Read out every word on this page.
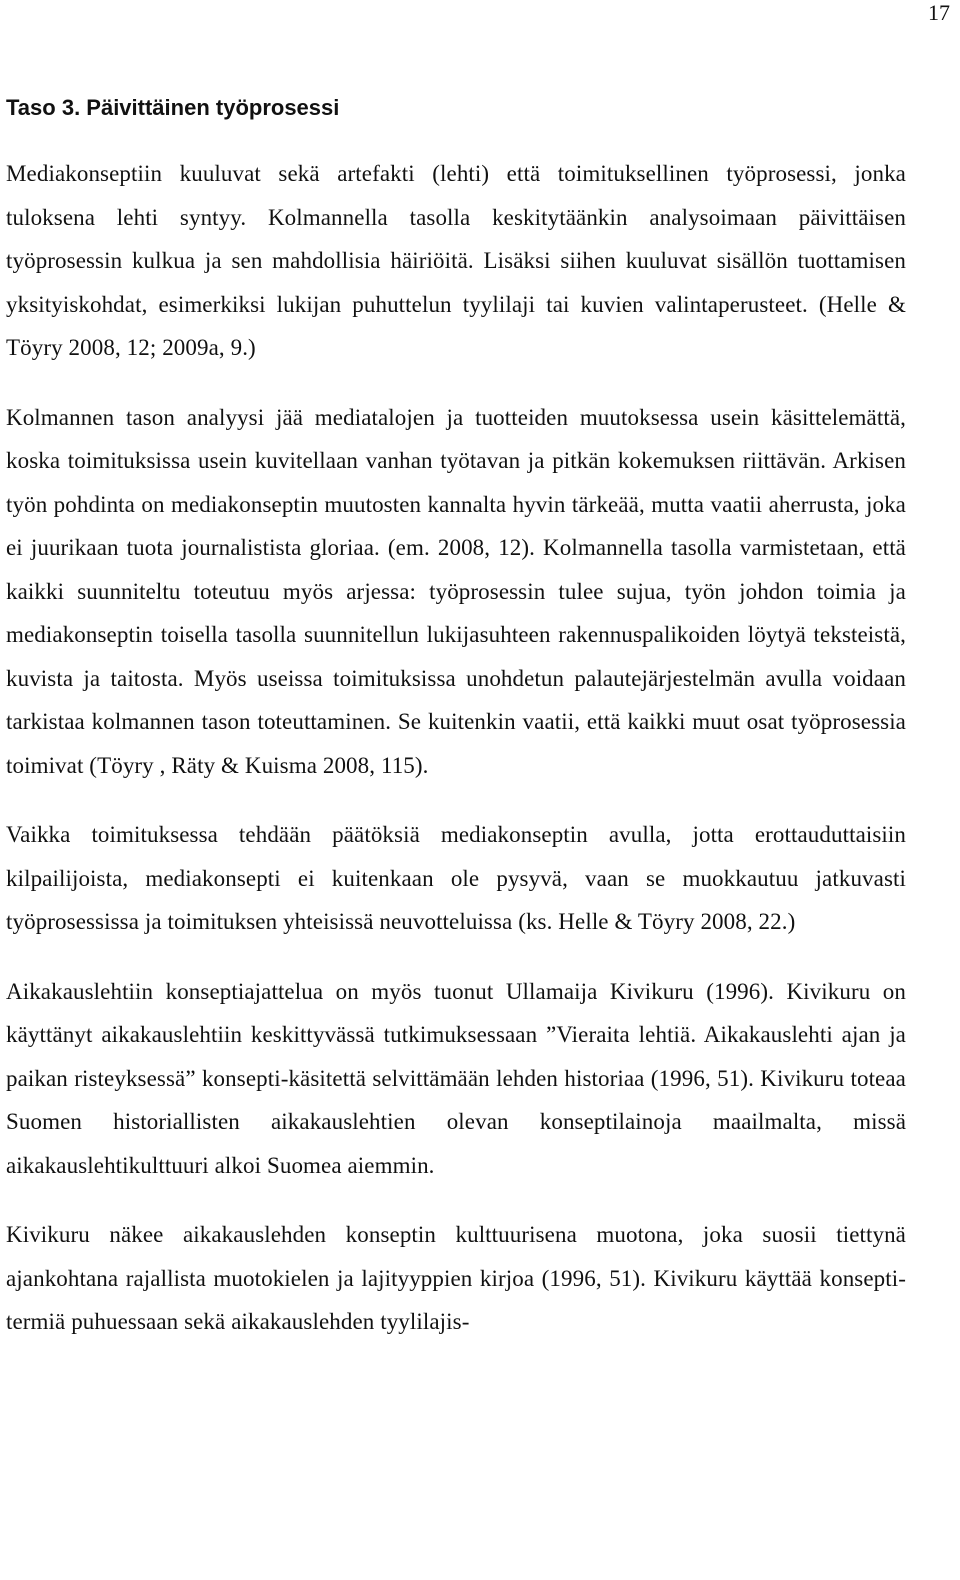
17
Taso 3. Päivittäinen työprosessi

Mediakonseptiin kuuluvat sekä artefakti (lehti) että toimituksellinen työprosessi, jonka tuloksena lehti syntyy. Kolmannella tasolla keskitytäänkin analysoimaan päivittäisen työprosessin kulkua ja sen mahdollisia häiriöitä. Lisäksi siihen kuuluvat sisällön tuottamisen yksityiskohdat, esimerkiksi lukijan puhuttelun tyylilaji tai kuvien valintaperusteet. (Helle & Töyry 2008, 12; 2009a, 9.)

Kolmannen tason analyysi jää mediatalojen ja tuotteiden muutoksessa usein käsittelemättä, koska toimituksissa usein kuvitellaan vanhan työtavan ja pitkän kokemuksen riittävän. Arkisen työn pohdinta on mediakonseptin muutosten kannalta hyvin tärkeää, mutta vaatii aherrusta, joka ei juurikaan tuota journalistista gloriaa. (em. 2008, 12). Kolmannella tasolla varmistetaan, että kaikki suunniteltu toteutuu myös arjessa: työprosessin tulee sujua, työn johdon toimia ja mediakonseptin toisella tasolla suunnitellun lukijasuhteen rakennuspalikoiden löytyä teksteistä, kuvista ja taitosta. Myös useissa toimituksissa unohdetun palautejärjestelmän avulla voidaan tarkistaa kolmannen tason toteuttaminen. Se kuitenkin vaatii, että kaikki muut osat työprosessia toimivat (Töyry , Räty & Kuisma 2008, 115).

Vaikka toimituksessa tehdään päätöksiä mediakonseptin avulla, jotta erottauduttaisiin kilpailijoista, mediakonsepti ei kuitenkaan ole pysyvä, vaan se muokkautuu jatkuvasti työprosessissa ja toimituksen yhteisissä neuvotteluissa (ks. Helle & Töyry 2008, 22.)

Aikakauslehtiin konseptiajattelua on myös tuonut Ullamaija Kivikuru (1996). Kivikuru on käyttänyt aikakauslehtiin keskittyvässä tutkimuksessaan ”Vieraita lehtiä. Aikakauslehti ajan ja paikan risteyksessä” konsepti-käsitettä selvittämään lehden historiaa (1996, 51). Kivikuru toteaa Suomen historiallisten aikakauslehtien olevan konseptilainoja maailmalta, missä aikakauslehtikulttuuri alkoi Suomea aiemmin.

Kivikuru näkee aikakauslehden konseptin kulttuurisena muotona, joka suosii tiettynä ajankohtana rajallista muotokielen ja lajityyppien kirjoa (1996, 51). Kivikuru käyttää konsepti-termiä puhuessaan sekä aikakauslehden tyylilajis-
